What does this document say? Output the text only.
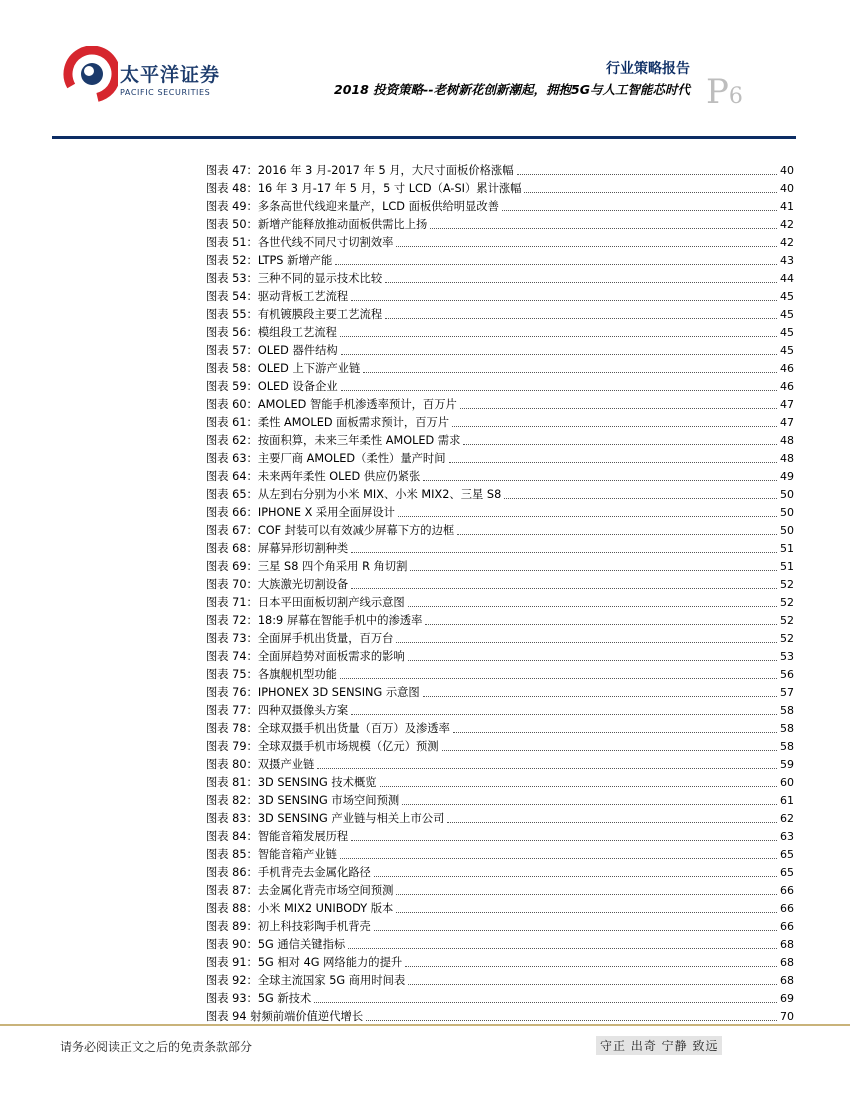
太平洋证券
PACIFIC SECURITIES
行业策略报告
2018 投资策略--老树新花创新潮起，拥抱5G与人工智能芯时代 P6
图表 47：2016 年 3 月-2017 年 5 月，大尺寸面板价格涨幅	40
图表 48：16 年 3 月-17 年 5 月，5 寸 LCD（A-SI）累计涨幅	40
图表 49：多条高世代线迎来量产，LCD 面板供给明显改善	41
图表 50：新增产能释放推动面板供需比上扬	42
图表 51：各世代线不同尺寸切割效率	42
图表 52：LTPS 新增产能	43
图表 53：三种不同的显示技术比较	44
图表 54：驱动背板工艺流程	45
图表 55：有机镀膜段主要工艺流程	45
图表 56：模组段工艺流程	45
图表 57：OLED 器件结构	45
图表 58：OLED 上下游产业链	46
图表 59：OLED 设备企业	46
图表 60：AMOLED 智能手机渗透率预计，百万片	47
图表 61：柔性 AMOLED 面板需求预计，百万片	47
图表 62：按面积算，未来三年柔性 AMOLED 需求	48
图表 63：主要厂商 AMOLED（柔性）量产时间	48
图表 64：未来两年柔性 OLED 供应仍紧张	49
图表 65：从左到右分别为小米 MIX、小米 MIX2、三星 S8	50
图表 66：IPHONE X 采用全面屏设计	50
图表 67：COF 封装可以有效减少屏幕下方的边框	50
图表 68：屏幕异形切割种类	51
图表 69：三星 S8 四个角采用 R 角切割	51
图表 70：大族激光切割设备	52
图表 71：日本平田面板切割产线示意图	52
图表 72：18:9 屏幕在智能手机中的渗透率	52
图表 73：全面屏手机出货量，百万台	52
图表 74：全面屏趋势对面板需求的影响	53
图表 75：各旗舰机型功能	56
图表 76：IPHONEX 3D SENSING 示意图	57
图表 77：四种双摄像头方案	58
图表 78：全球双摄手机出货量（百万）及渗透率	58
图表 79：全球双摄手机市场规模（亿元）预测	58
图表 80：双摄产业链	59
图表 81：3D SENSING 技术概览	60
图表 82：3D SENSING 市场空间预测	61
图表 83：3D SENSING 产业链与相关上市公司	62
图表 84：智能音箱发展历程	63
图表 85：智能音箱产业链	65
图表 86：手机背壳去金属化路径	65
图表 87：去金属化背壳市场空间预测	66
图表 88：小米 MIX2 UNIBODY 版本	66
图表 89：初上科技彩陶手机背壳	66
图表 90：5G 通信关键指标	68
图表 91：5G 相对 4G 网络能力的提升	68
图表 92：全球主流国家 5G 商用时间表	68
图表 93：5G 新技术	69
图表 94 射频前端价值逆代增长	70
请务必阅读正文之后的免责条款部分	守正 出奇 宁静 致远
